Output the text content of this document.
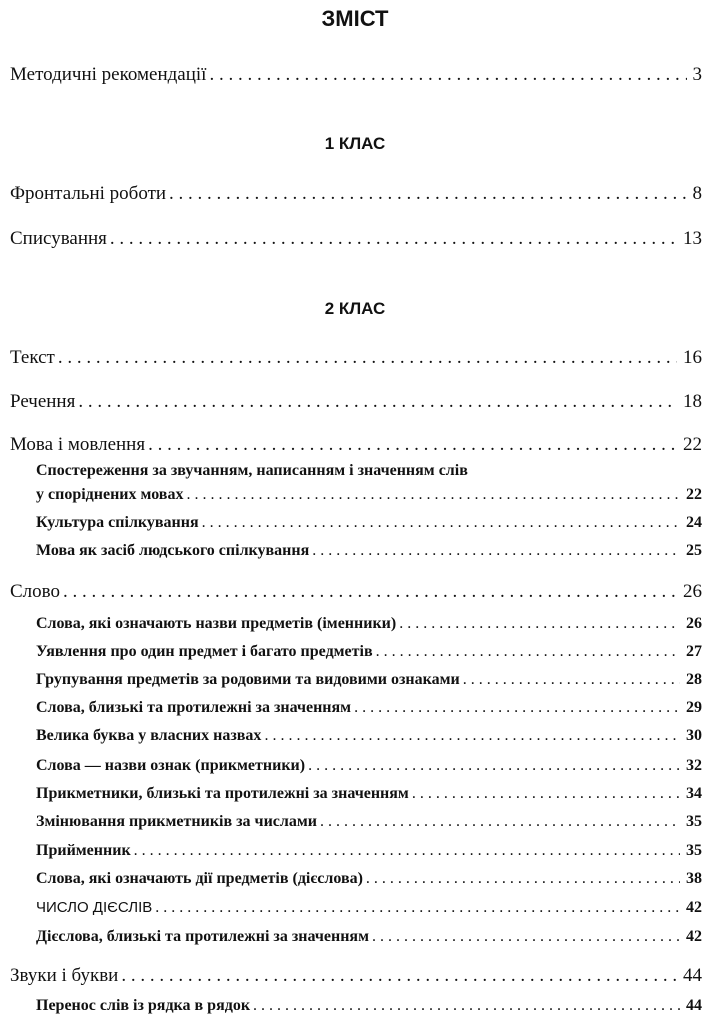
ЗМІСТ
Методичні рекомендації . . .	3
1 КЛАС
Фронтальні роботи . . .	8
Списування . . .	13
2 КЛАС
Текст . . .	16
Речення . . .	18
Мова і мовлення . . .	22
Спостереження за звучанням, написанням і значенням слів
у споріднених мовах . . .	22
Культура спілкування . . .	24
Мова як засіб людського спілкування . . .	25
Слово . . .	26
Слова, які означають назви предметів (іменники) . . .	26
Уявлення про один предмет і багато предметів . . .	27
Групування предметів за родовими та видовими ознаками . . .	28
Слова, близькі та протилежні за значенням . . .	29
Велика буква у власних назвах . . .	30
Слова — назви ознак (прикметники) . . .	32
Прикметники, близькі та протилежні за значенням . . .	34
Змінювання прикметників за числами . . .	35
Прийменник . . .	35
Слова, які означають дії предметів (дієслова) . . .	38
ЧИСЛО ДІЄСЛІВ . . .	42
Дієслова, близькі та протилежні за значенням . . .	42
Звуки і букви . . .	44
Перенос слів із рядка в рядок . . .	44
